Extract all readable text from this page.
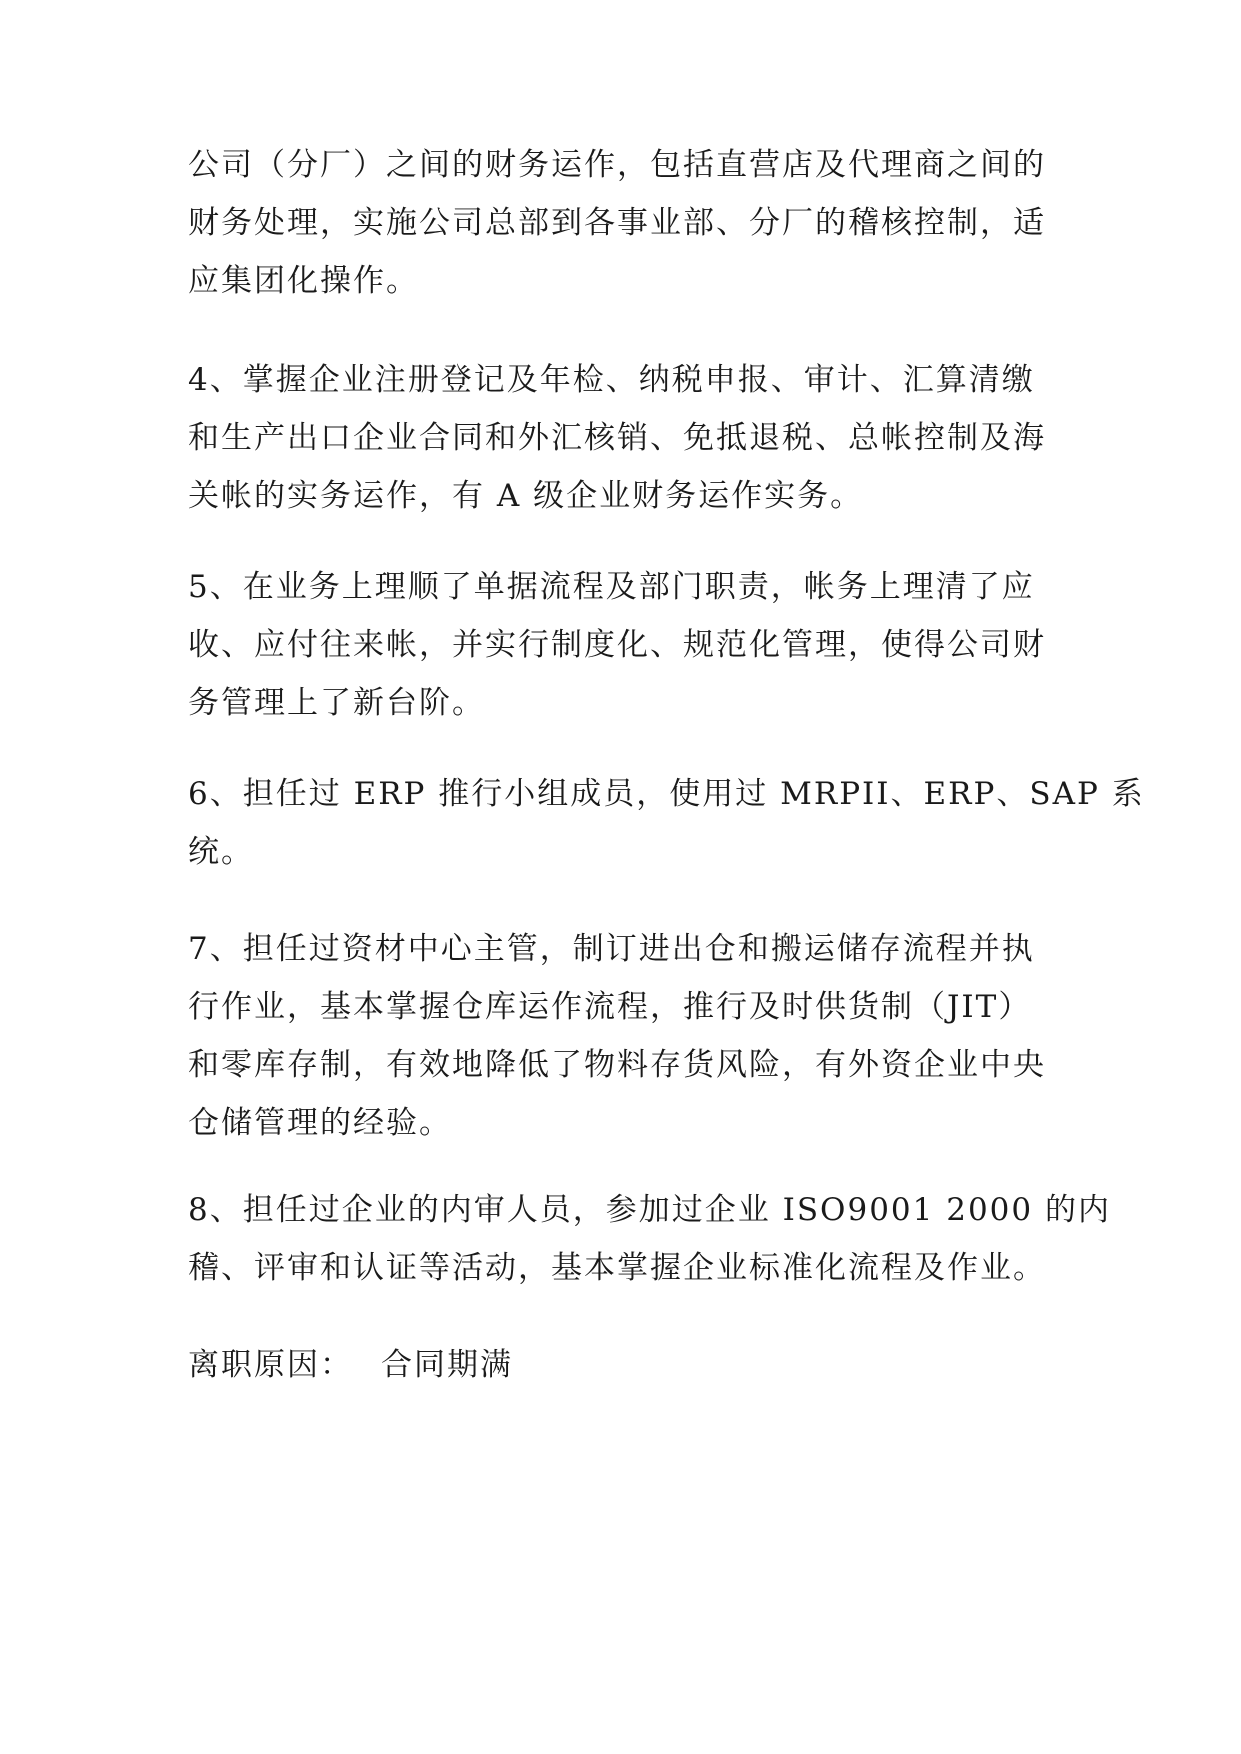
公司（分厂）之间的财务运作，包括直营店及代理商之间的
财务处理，实施公司总部到各事业部、分厂的稽核控制，适
应集团化操作。
4、掌握企业注册登记及年检、纳税申报、审计、汇算清缴
和生产出口企业合同和外汇核销、免抵退税、总帐控制及海
关帐的实务运作，有 A 级企业财务运作实务。
5、在业务上理顺了单据流程及部门职责，帐务上理清了应
收、应付往来帐，并实行制度化、规范化管理，使得公司财
务管理上了新台阶。
6、担任过 ERP 推行小组成员，使用过 MRPII、ERP、SAP 系
统。
7、担任过资材中心主管，制订进出仓和搬运储存流程并执
行作业，基本掌握仓库运作流程，推行及时供货制（JIT）
和零库存制，有效地降低了物料存货风险，有外资企业中央
仓储管理的经验。
8、担任过企业的内审人员，参加过企业 ISO9001 2000 的内
稽、评审和认证等活动，基本掌握企业标准化流程及作业。
离职原因： 合同期满
